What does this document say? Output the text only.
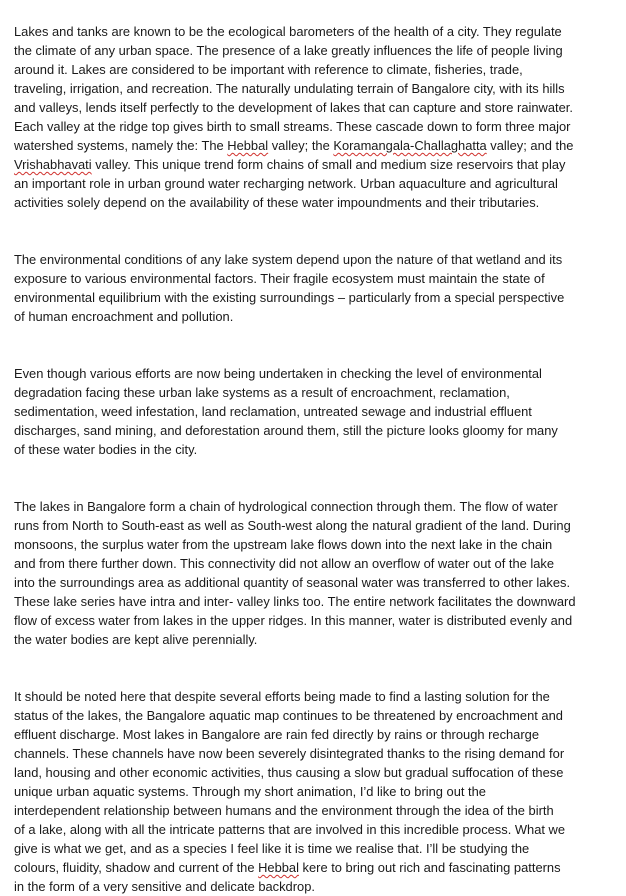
Lakes and tanks are known to be the ecological barometers of the health of a city. They regulate
the climate of any urban space. The presence of a lake greatly influences the life of people living
around it. Lakes are considered to be important with reference to climate, fisheries, trade,
traveling, irrigation, and recreation. The naturally undulating terrain of Bangalore city, with its hills
and valleys, lends itself perfectly to the development of lakes that can capture and store rainwater.
Each valley at the ridge top gives birth to small streams. These cascade down to form three major
watershed systems, namely the: The Hebbal valley; the Koramangala-Challaghatta valley; and the
Vrishabhavati valley. This unique trend form chains of small and medium size reservoirs that play
an important role in urban ground water recharging network. Urban aquaculture and agricultural
activities solely depend on the availability of these water impoundments and their tributaries.

The environmental conditions of any lake system depend upon the nature of that wetland and its
exposure to various environmental factors. Their fragile ecosystem must maintain the state of
environmental equilibrium with the existing surroundings – particularly from a special perspective
of human encroachment and pollution.

Even though various efforts are now being undertaken in checking the level of environmental
degradation facing these urban lake systems as a result of encroachment, reclamation,
sedimentation, weed infestation, land reclamation, untreated sewage and industrial effluent
discharges, sand mining, and deforestation around them, still the picture looks gloomy for many
of these water bodies in the city.

The lakes in Bangalore form a chain of hydrological connection through them. The flow of water
runs from North to South-east as well as South-west along the natural gradient of the land. During
monsoons, the surplus water from the upstream lake flows down into the next lake in the chain
and from there further down. This connectivity did not allow an overflow of water out of the lake
into the surroundings area as additional quantity of seasonal water was transferred to other lakes.
These lake series have intra and inter- valley links too. The entire network facilitates the downward
flow of excess water from lakes in the upper ridges. In this manner, water is distributed evenly and
the water bodies are kept alive perennially.

It should be noted here that despite several efforts being made to find a lasting solution for the
status of the lakes, the Bangalore aquatic map continues to be threatened by encroachment and
effluent discharge. Most lakes in Bangalore are rain fed directly by rains or through recharge
channels. These channels have now been severely disintegrated thanks to the rising demand for
land, housing and other economic activities, thus causing a slow but gradual suffocation of these
unique urban aquatic systems. Through my short animation, I’d like to bring out the
interdependent relationship between humans and the environment through the idea of the birth
of a lake, along with all the intricate patterns that are involved in this incredible process. What we
give is what we get, and as a species I feel like it is time we realise that. I’ll be studying the
colours, fluidity, shadow and current of the Hebbal kere to bring out rich and fascinating patterns
in the form of a very sensitive and delicate backdrop.
